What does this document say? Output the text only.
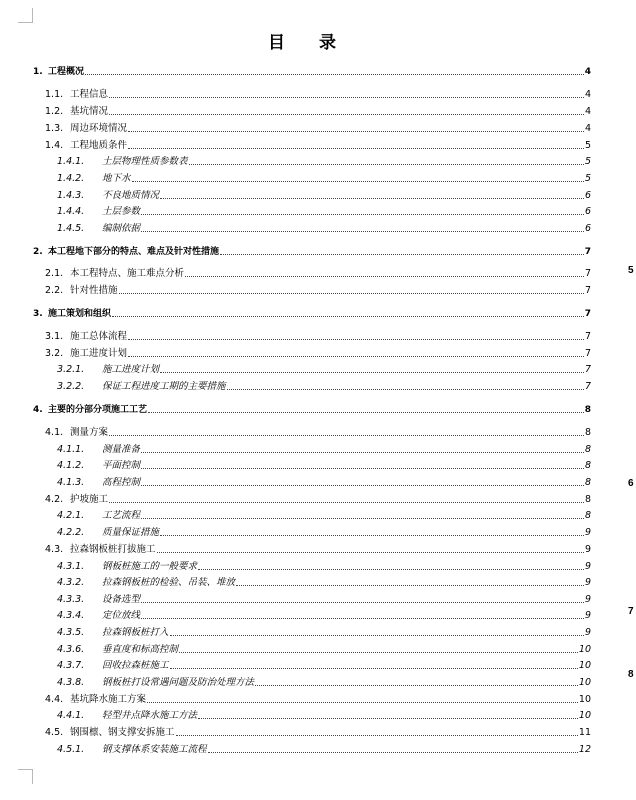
目 录
1. 工程概况	4
1.1. 工程信息	4
1.2. 基坑情况	4
1.3. 周边环境情况	4
1.4. 工程地质条件	5
1.4.1.	土层物理性质参数表	5
1.4.2.	地下水	5
1.4.3.	不良地质情况	6
1.4.4.	土层参数	6
1.4.5.	编制依据	6
2. 本工程地下部分的特点、难点及针对性措施	7
2.1. 本工程特点、施工难点分析	7
2.2. 针对性措施	7
3. 施工策划和组织	7
3.1. 施工总体流程	7
3.2. 施工进度计划	7
3.2.1.	施工进度计划	7
3.2.2.	保证工程进度工期的主要措施	7
4. 主要的分部分项施工工艺	8
4.1. 测量方案	8
4.1.1.	测量准备	8
4.1.2.	平面控制	8
4.1.3.	高程控制	8
4.2. 护坡施工	8
4.2.1.	工艺流程	8
4.2.2.	质量保证措施	9
4.3. 拉森钢板桩打拔施工	9
4.3.1.	钢板桩施工的一般要求	9
4.3.2.	拉森钢板桩的检验、吊装、堆放	9
4.3.3.	设备选型	9
4.3.4.	定位放线	9
4.3.5.	拉森钢板桩打入	9
4.3.6.	垂直度和标高控制	10
4.3.7.	回收拉森桩施工	10
4.3.8.	钢板桩打设常遇问题及防治处理方法	10
4.4. 基坑降水施工方案	10
4.4.1.	轻型井点降水施工方法	10
4.5. 钢围檩、钢支撑安拆施工	11
4.5.1.	钢支撑体系安装施工流程	12
5
6
7
8
